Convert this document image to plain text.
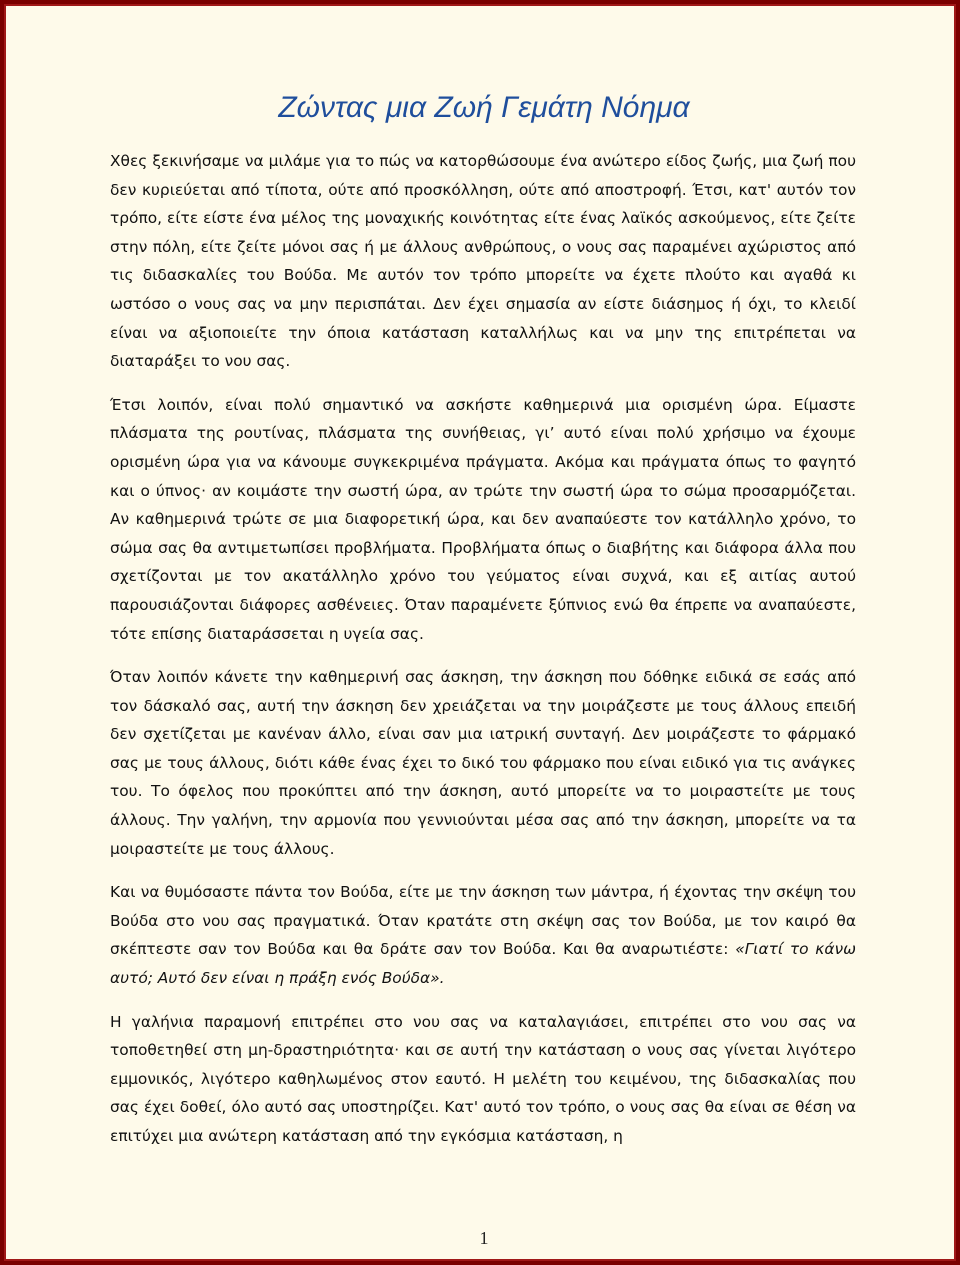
Ζώντας μια Ζωή Γεμάτη Νόημα

Χθες ξεκινήσαμε να μιλάμε για το πώς να κατορθώσουμε ένα ανώτερο είδος ζωής, μια ζωή που δεν κυριεύεται από τίποτα, ούτε από προσκόλληση, ούτε από αποστροφή. Έτσι, κατ' αυτόν τον τρόπο, είτε είστε ένα μέλος της μοναχικής κοινότητας είτε ένας λαϊκός ασκούμενος, είτε ζείτε στην πόλη, είτε ζείτε μόνοι σας ή με άλλους ανθρώπους, ο νους σας παραμένει αχώριστος από τις διδασκαλίες του Βούδα. Με αυτόν τον τρόπο μπορείτε να έχετε πλούτο και αγαθά κι ωστόσο ο νους σας να μην περισπάται. Δεν έχει σημασία αν είστε διάσημος ή όχι, το κλειδί είναι να αξιοποιείτε την όποια κατάσταση καταλλήλως και να μην της επιτρέπεται να διαταράξει το νου σας.

Έτσι λοιπόν, είναι πολύ σημαντικό να ασκήστε καθημερινά μια ορισμένη ώρα. Είμαστε πλάσματα της ρουτίνας, πλάσματα της συνήθειας, γι’ αυτό είναι πολύ χρήσιμο να έχουμε ορισμένη ώρα για να κάνουμε συγκεκριμένα πράγματα. Ακόμα και πράγματα όπως το φαγητό και ο ύπνος· αν κοιμάστε την σωστή ώρα, αν τρώτε την σωστή ώρα το σώμα προσαρμόζεται. Αν καθημερινά τρώτε σε μια διαφορετική ώρα, και δεν αναπαύεστε τον κατάλληλο χρόνο, το σώμα σας θα αντιμετωπίσει προβλήματα. Προβλήματα όπως ο διαβήτης και διάφορα άλλα που σχετίζονται με τον ακατάλληλο χρόνο του γεύματος είναι συχνά, και εξ αιτίας αυτού παρουσιάζονται διάφορες ασθένειες. Όταν παραμένετε ξύπνιος ενώ θα έπρεπε να αναπαύεστε, τότε επίσης διαταράσσεται η υγεία σας.

Όταν λοιπόν κάνετε την καθημερινή σας άσκηση, την άσκηση που δόθηκε ειδικά σε εσάς από τον δάσκαλό σας, αυτή την άσκηση δεν χρειάζεται να την μοιράζεστε με τους άλλους επειδή δεν σχετίζεται με κανέναν άλλο, είναι σαν μια ιατρική συνταγή. Δεν μοιράζεστε το φάρμακό σας με τους άλλους, διότι κάθε ένας έχει το δικό του φάρμακο που είναι ειδικό για τις ανάγκες του. Το όφελος που προκύπτει από την άσκηση, αυτό μπορείτε να το μοιραστείτε με τους άλλους. Την γαλήνη, την αρμονία που γεννιούνται μέσα σας από την άσκηση, μπορείτε να τα μοιραστείτε με τους άλλους.

Και να θυμόσαστε πάντα τον Βούδα, είτε με την άσκηση των μάντρα, ή έχοντας την σκέψη του Βούδα στο νου σας πραγματικά. Όταν κρατάτε στη σκέψη σας τον Βούδα, με τον καιρό θα σκέπτεστε σαν τον Βούδα και θα δράτε σαν τον Βούδα. Και θα αναρωτιέστε: «Γιατί το κάνω αυτό; Αυτό δεν είναι η πράξη ενός Βούδα».

Η γαλήνια παραμονή επιτρέπει στο νου σας να καταλαγιάσει, επιτρέπει στο νου σας να τοποθετηθεί στη μη-δραστηριότητα· και σε αυτή την κατάσταση ο νους σας γίνεται λιγότερο εμμονικός, λιγότερο καθηλωμένος στον εαυτό. Η μελέτη του κειμένου, της διδασκαλίας που σας έχει δοθεί, όλο αυτό σας υποστηρίζει. Κατ' αυτό τον τρόπο, ο νους σας θα είναι σε θέση να επιτύχει μια ανώτερη κατάσταση από την εγκόσμια κατάσταση, η

1
